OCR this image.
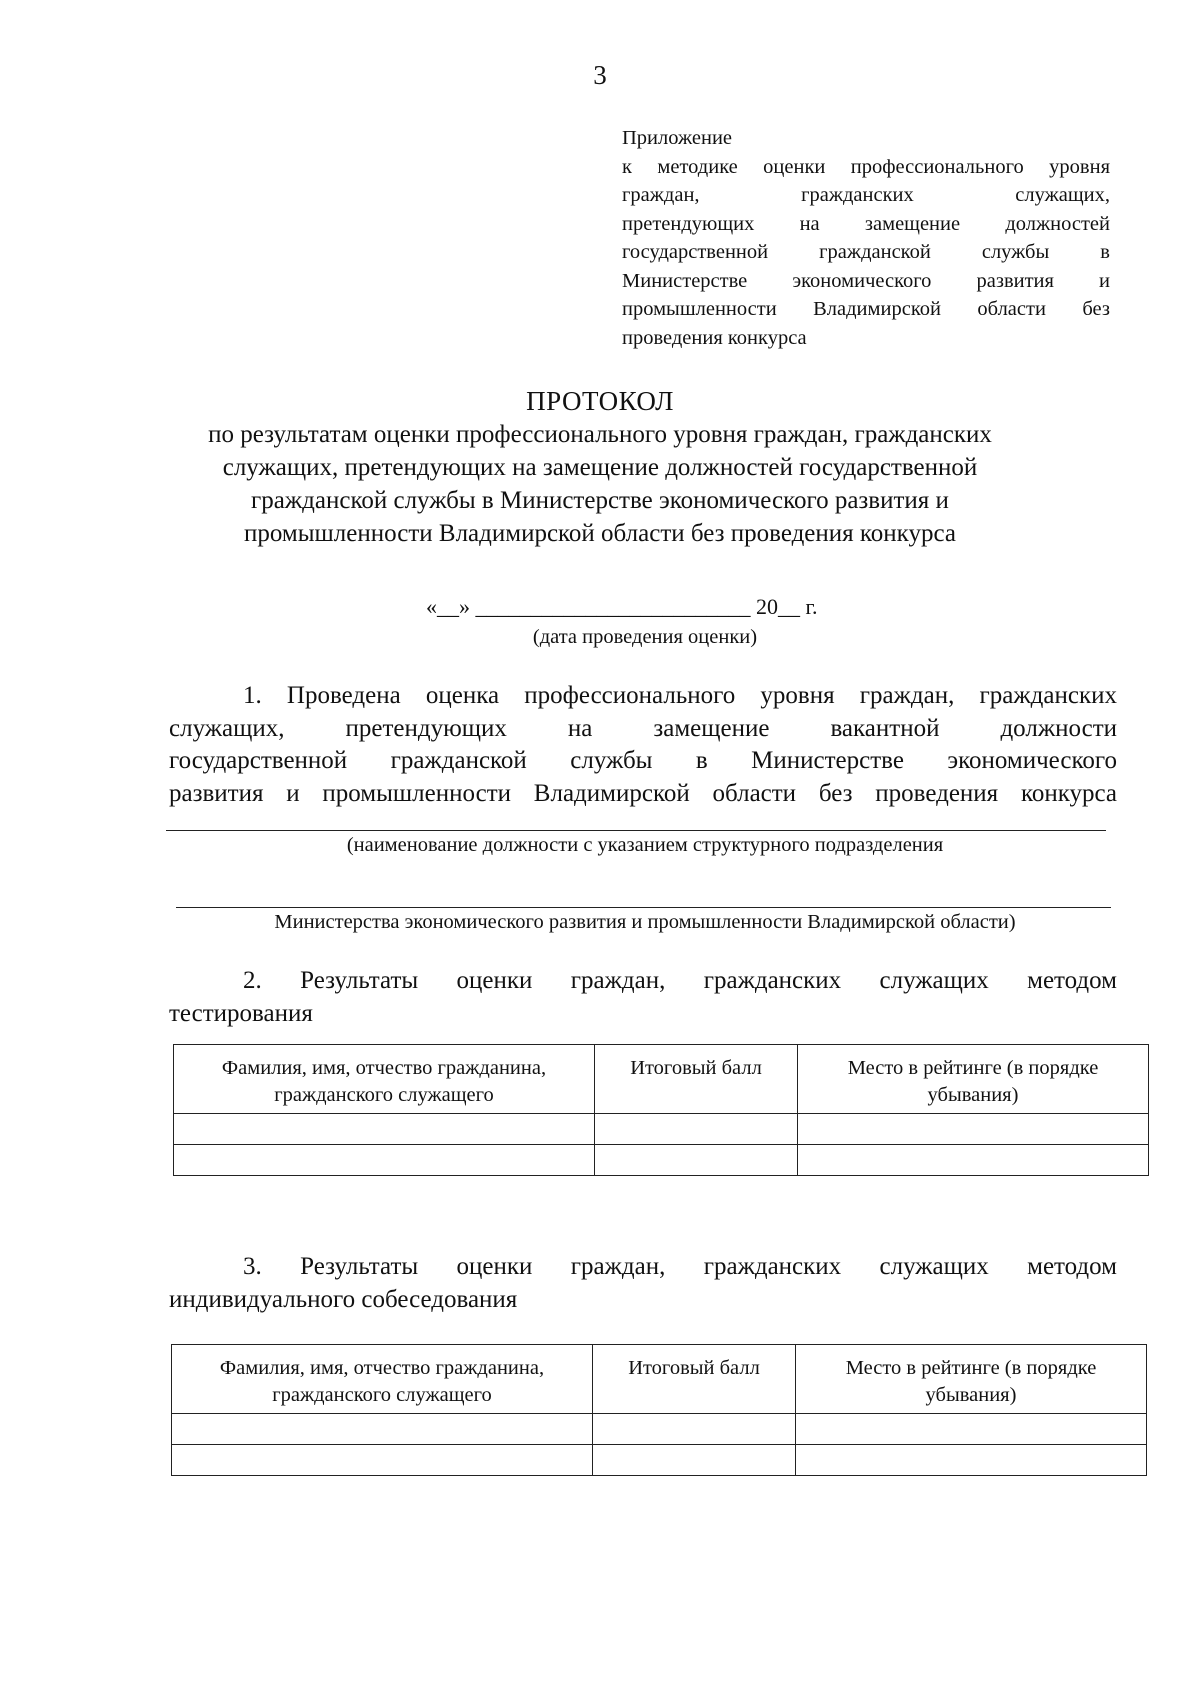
3
Приложение
к методике оценки профессионального уровня
граждан, гражданских служащих,
претендующих на замещение должностей
государственной гражданской службы в
Министерстве экономического развития и
промышленности Владимирской области без
проведения конкурса
ПРОТОКОЛ
по результатам оценки профессионального уровня граждан, гражданских
служащих, претендующих на замещение должностей государственной
гражданской службы в Министерстве экономического развития и
промышленности Владимирской области без проведения конкурса
«__» _________________________ 20__ г.
(дата проведения оценки)
1. Проведена оценка профессионального уровня граждан, гражданских
служащих, претендующих на замещение вакантной должности
государственной гражданской службы в Министерстве экономического
развития и промышленности Владимирской области без проведения конкурса
(наименование должности с указанием структурного подразделения
Министерства экономического развития и промышленности Владимирской области)
2. Результаты оценки граждан, гражданских служащих методом
тестирования
Фамилия, имя, отчество гражданина, гражданского служащего	Итоговый балл	Место в рейтинге (в порядке убывания)

3. Результаты оценки граждан, гражданских служащих методом
индивидуального собеседования
Фамилия, имя, отчество гражданина, гражданского служащего	Итоговый балл	Место в рейтинге (в порядке убывания)
